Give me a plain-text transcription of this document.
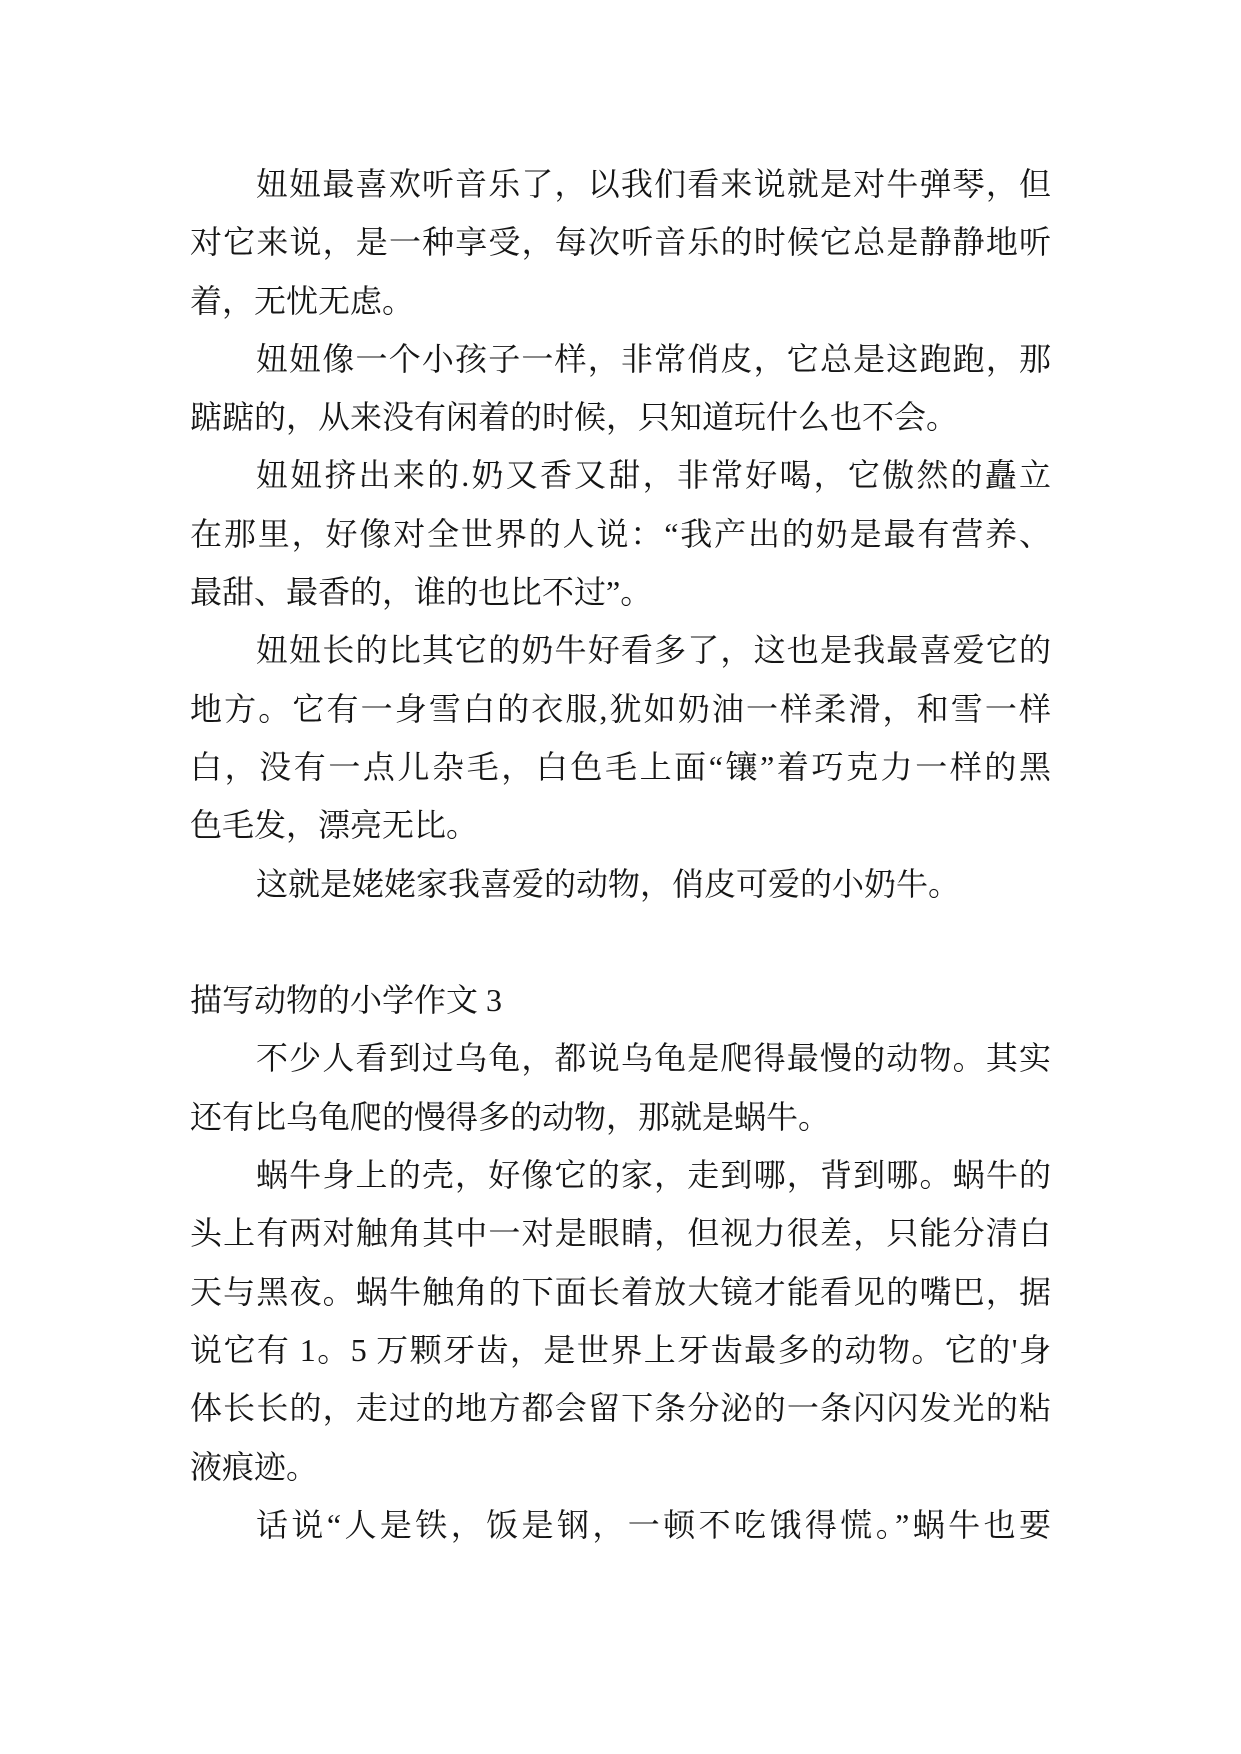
妞妞最喜欢听音乐了，以我们看来说就是对牛弹琴，但
对它来说，是一种享受，每次听音乐的时候它总是静静地听
着，无忧无虑。
妞妞像一个小孩子一样，非常俏皮，它总是这跑跑，那
踮踮的，从来没有闲着的时候，只知道玩什么也不会。
妞妞挤出来的.奶又香又甜，非常好喝，它傲然的矗立
在那里，好像对全世界的人说：“我产出的奶是最有营养、
最甜、最香的，谁的也比不过”。
妞妞长的比其它的奶牛好看多了，这也是我最喜爱它的
地方。它有一身雪白的衣服,犹如奶油一样柔滑，和雪一样
白，没有一点儿杂毛，白色毛上面“镶”着巧克力一样的黑
色毛发，漂亮无比。
这就是姥姥家我喜爱的动物，俏皮可爱的小奶牛。
描写动物的小学作文 3
不少人看到过乌龟，都说乌龟是爬得最慢的动物。其实
还有比乌龟爬的慢得多的动物，那就是蜗牛。
蜗牛身上的壳，好像它的家，走到哪，背到哪。蜗牛的
头上有两对触角其中一对是眼睛，但视力很差，只能分清白
天与黑夜。蜗牛触角的下面长着放大镜才能看见的嘴巴，据
说它有 1。5 万颗牙齿，是世界上牙齿最多的动物。它的'身
体长长的，走过的地方都会留下条分泌的一条闪闪发光的粘
液痕迹。
话说“人是铁，饭是钢，一顿不吃饿得慌。”蜗牛也要
